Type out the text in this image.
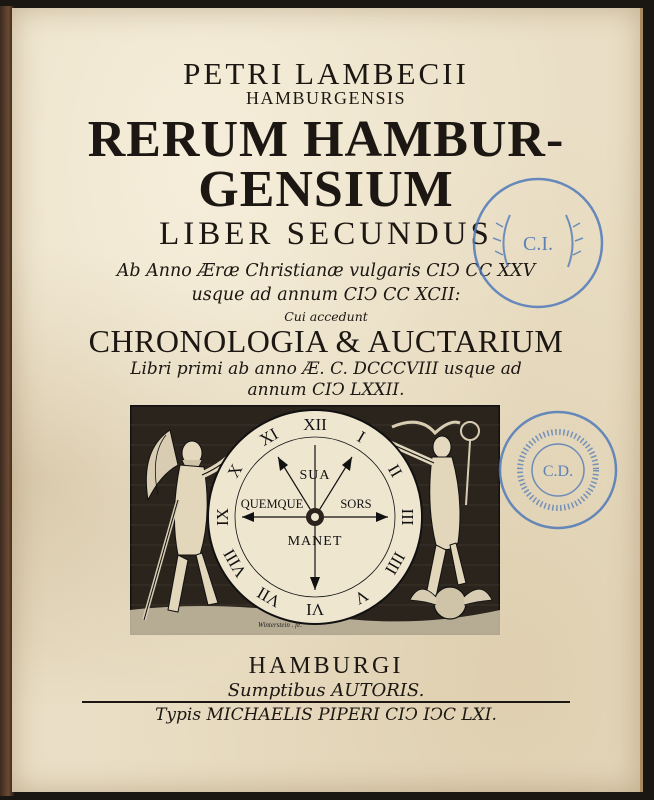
PETRI LAMBECII
HAMBURGENSIS
RERUM HAMBUR-
GENSIUM
LIBER SECUNDUS
Ab Anno Æræ Christianæ vulgaris CIↃ CC XXV
usque ad annum CIↃ CC XCII:
Cui accedunt
CHRONOLOGIA & AUCTARIUM
Libri primi ab anno Æ. C. DCCCVIII usque ad
annum CIↃ LXXII.
XII
I
II
III
IIII
V
VI
VII
VIII
IX
X
XI
SUA
QUEMQUE	SORS
MANET
Winterstein . fe.
HAMBURGI
Sumptibus AUTORIS.
Typis MICHAELIS PIPERI CIↃ IↃC LXI.
C.I.
C.D.
